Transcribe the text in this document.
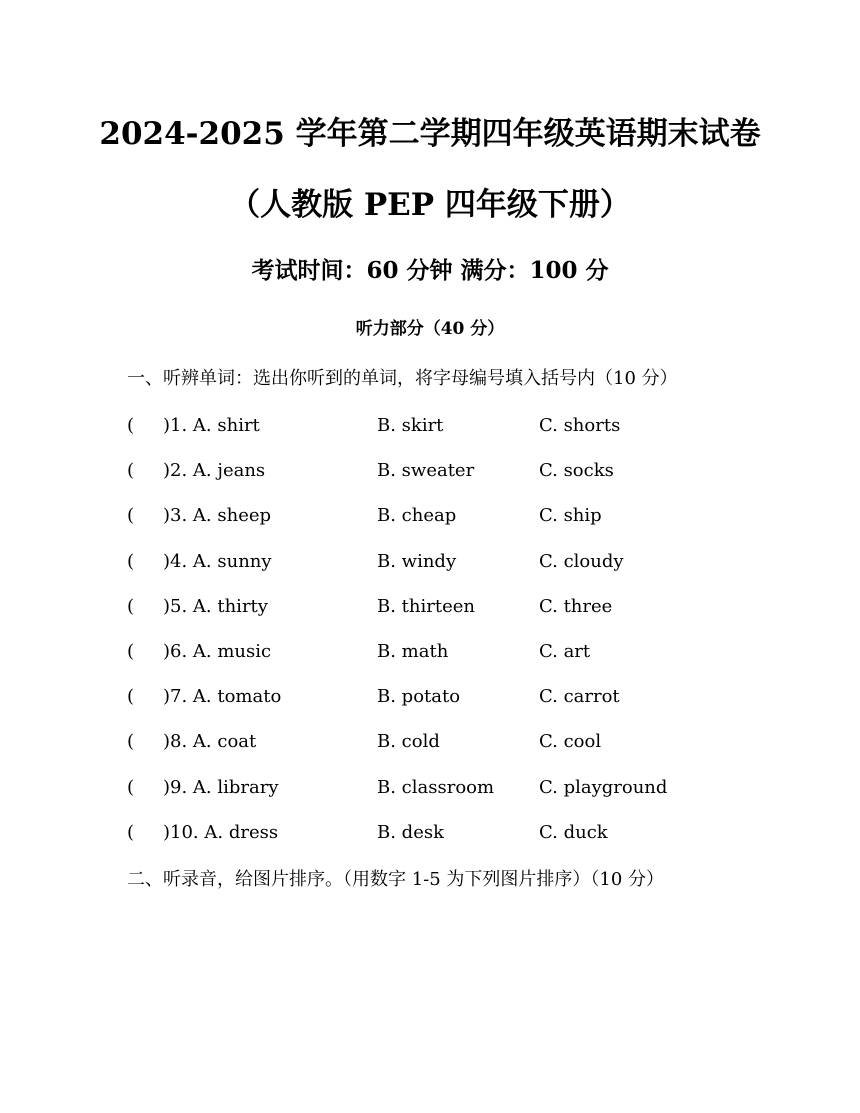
2024-2025 学年第二学期四年级英语期末试卷
（人教版 PEP 四年级下册）
考试时间：60 分钟 满分：100 分
听力部分（40 分）
一、听辨单词：选出你听到的单词，将字母编号填入括号内（10 分）
( )1. A. shirt	B. skirt	C. shorts
( )2. A. jeans	B. sweater	C. socks
( )3. A. sheep	B. cheap	C. ship
( )4. A. sunny	B. windy	C. cloudy
( )5. A. thirty	B. thirteen	C. three
( )6. A. music	B. math	C. art
( )7. A. tomato	B. potato	C. carrot
( )8. A. coat	B. cold	C. cool
( )9. A. library	B. classroom C. playground
( )10. A. dress	B. desk	C. duck
二、听录音，给图片排序。（用数字 1-5 为下列图片排序）（10 分）
